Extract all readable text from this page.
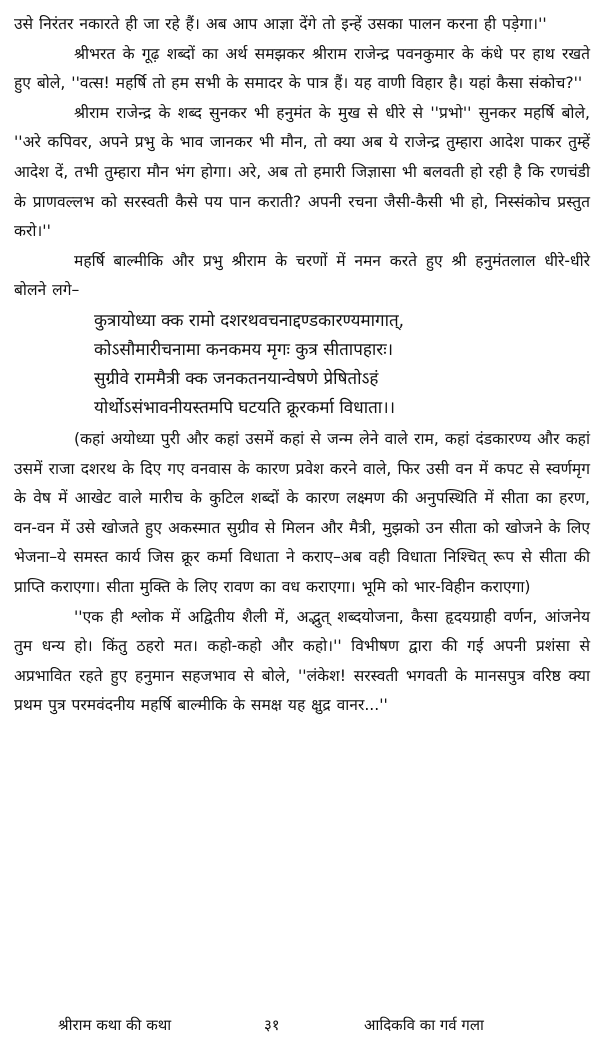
उसे निरंतर नकारते ही जा रहे हैं। अब आप आज्ञा देंगे तो इन्हें उसका पालन करना ही पड़ेगा।''

श्रीभरत के गूढ़ शब्दों का अर्थ समझकर श्रीराम राजेन्द्र पवनकुमार के कंधे पर हाथ रखते हुए बोले, ''वत्स! महर्षि तो हम सभी के समादर के पात्र हैं। यह वाणी विहार है। यहां कैसा संकोच?''

श्रीराम राजेन्द्र के शब्द सुनकर भी हनुमंत के मुख से धीरे से ''प्रभो'' सुनकर महर्षि बोले, ''अरे कपिवर, अपने प्रभु के भाव जानकर भी मौन, तो क्या अब ये राजेन्द्र तुम्हारा आदेश पाकर तुम्हें आदेश दें, तभी तुम्हारा मौन भंग होगा। अरे, अब तो हमारी जिज्ञासा भी बलवती हो रही है कि रणचंडी के प्राणवल्लभ को सरस्वती कैसे पय पान कराती? अपनी रचना जैसी-कैसी भी हो, निस्संकोच प्रस्तुत करो।''

महर्षि बाल्मीकि और प्रभु श्रीराम के चरणों में नमन करते हुए श्री हनुमंतलाल धीरे-धीरे बोलने लगे–

कुत्रायोध्या क्क रामो दशरथवचनाद्दण्डकारण्यमागात्,
कोऽसौमारीचनामा कनकमय मृगः कुत्र सीतापहारः।
सुग्रीवे राममैत्री क्क जनकतनयान्वेषणे प्रेषितोऽहं
योर्थोऽसंभावनीयस्तमपि घटयति क्रूरकर्मा विधाता।।

(कहां अयोध्या पुरी और कहां उसमें कहां से जन्म लेने वाले राम, कहां दंडकारण्य और कहां उसमें राजा दशरथ के दिए गए वनवास के कारण प्रवेश करने वाले, फिर उसी वन में कपट से स्वर्णमृग के वेष में आखेट वाले मारीच के कुटिल शब्दों के कारण लक्ष्मण की अनुपस्थिति में सीता का हरण, वन-वन में उसे खोजते हुए अकस्मात सुग्रीव से मिलन और मैत्री, मुझको उन सीता को खोजने के लिए भेजना–ये समस्त कार्य जिस क्रूर कर्मा विधाता ने कराए–अब वही विधाता निश्चित् रूप से सीता की प्राप्ति कराएगा। सीता मुक्ति के लिए रावण का वध कराएगा। भूमि को भार-विहीन कराएगा)

''एक ही श्लोक में अद्वितीय शैली में, अद्भुत् शब्दयोजना, कैसा हृदयग्राही वर्णन, आंजनेय तुम धन्य हो। किंतु ठहरो मत। कहो-कहो और कहो।'' विभीषण द्वारा की गई अपनी प्रशंसा से अप्रभावित रहते हुए हनुमान सहजभाव से बोले, ''लंकेश! सरस्वती भगवती के मानसपुत्र वरिष्ठ क्या प्रथम पुत्र परमवंदनीय महर्षि बाल्मीकि के समक्ष यह क्षुद्र वानर...''

श्रीराम कथा की कथा	३१	आदिकवि का गर्व गला
